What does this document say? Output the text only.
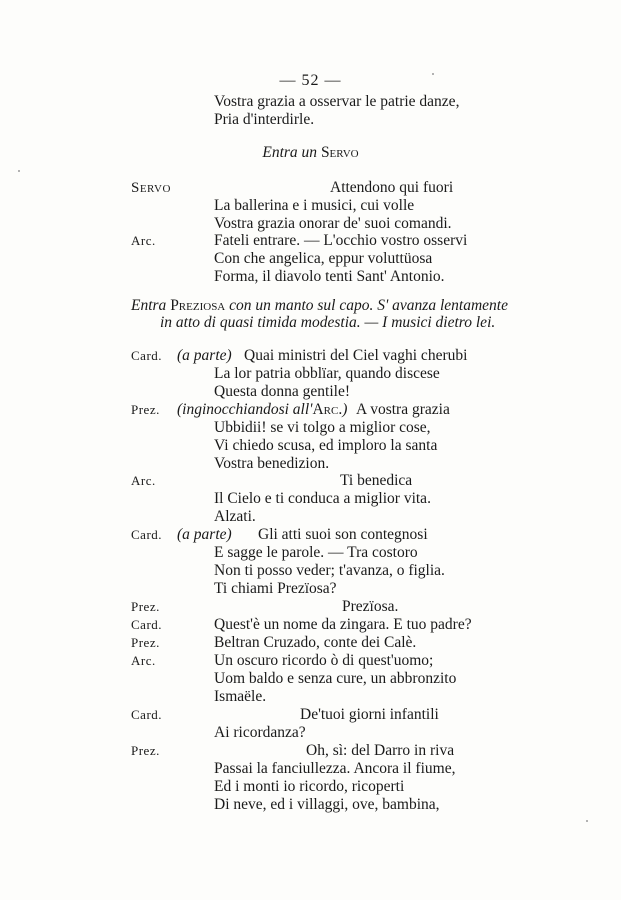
— 52 —
Vostra grazia a osservar le patrie danze,
Pria d'interdirle.
Entra un Servo
Servo	Attendono qui fuori
La ballerina e i musici, cui volle
Vostra grazia onorar de' suoi comandi.
Arc.	Fateli entrare. — L'occhio vostro osservi
Con che angelica, eppur voluttüosa
Forma, il diavolo tenti Sant' Antonio.
Entra Preziosa con un manto sul capo. S' avanza lentamente
in atto di quasi timida modestia. — I musici dietro lei.
Card. (a parte) Quai ministri del Ciel vaghi cherubi
La lor patria obblïar, quando discese
Questa donna gentile!
Prez. (inginocchiandosi all'Arc.) A vostra grazia
Ubbidii! se vi tolgo a miglior cose,
Vi chiedo scusa, ed imploro la santa
Vostra benedizion.
Arc.	Ti benedica
Il Cielo e ti conduca a miglior vita.
Alzati.
Card. (a parte) Gli atti suoi son contegnosi
E sagge le parole. — Tra costoro
Non ti posso veder; t'avanza, o figlia.
Ti chiami Prezïosa?
Prez.	Prezïosa.
Card.	Quest'è un nome da zingara. E tuo padre?
Prez.	Beltran Cruzado, conte dei Calè.
Arc.	Un oscuro ricordo ò di quest'uomo;
Uom baldo e senza cure, un abbronzito
Ismaële.
Card.	De'tuoi giorni infantili
Ai ricordanza?
Prez.	Oh, sì: del Darro in riva
Passai la fanciullezza. Ancora il fiume,
Ed i monti io ricordo, ricoperti
Di neve, ed i villaggi, ove, bambina,
